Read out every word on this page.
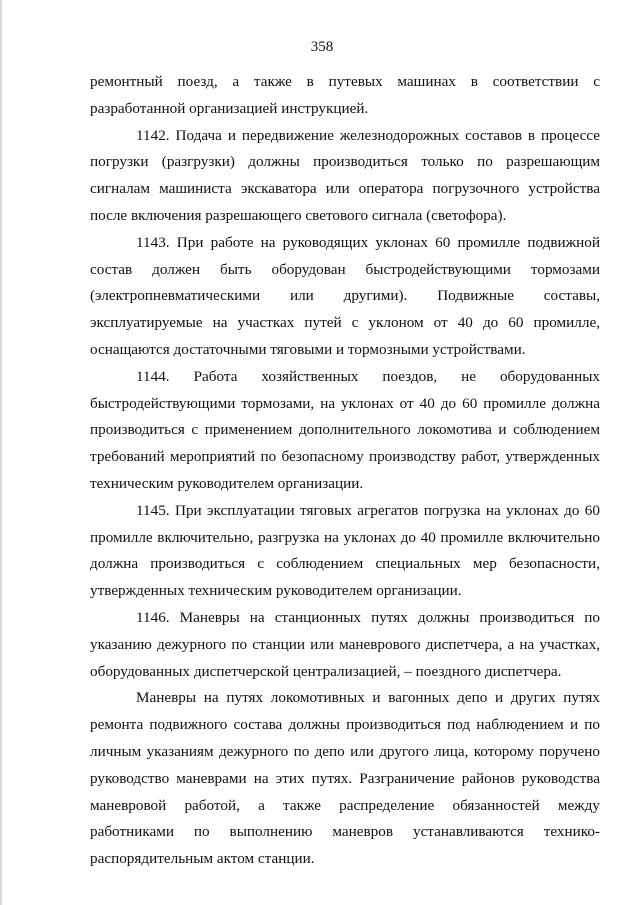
358

ремонтный поезд, а также в путевых машинах в соответствии с разработанной организацией инструкцией.

1142. Подача и передвижение железнодорожных составов в процессе погрузки (разгрузки) должны производиться только по разрешающим сигналам машиниста экскаватора или оператора погрузочного устройства после включения разрешающего светового сигнала (светофора).

1143. При работе на руководящих уклонах 60 промилле подвижной состав должен быть оборудован быстродействующими тормозами (электропневматическими или другими). Подвижные составы, эксплуатируемые на участках путей с уклоном от 40 до 60 промилле, оснащаются достаточными тяговыми и тормозными устройствами.

1144. Работа хозяйственных поездов, не оборудованных быстродействующими тормозами, на уклонах от 40 до 60 промилле должна производиться с применением дополнительного локомотива и соблюдением требований мероприятий по безопасному производству работ, утвержденных техническим руководителем организации.

1145. При эксплуатации тяговых агрегатов погрузка на уклонах до 60 промилле включительно, разгрузка на уклонах до 40 промилле включительно должна производиться с соблюдением специальных мер безопасности, утвержденных техническим руководителем организации.

1146. Маневры на станционных путях должны производиться по указанию дежурного по станции или маневрового диспетчера, а на участках, оборудованных диспетчерской централизацией, – поездного диспетчера.

Маневры на путях локомотивных и вагонных депо и других путях ремонта подвижного состава должны производиться под наблюдением и по личным указаниям дежурного по депо или другого лица, которому поручено руководство маневрами на этих путях. Разграничение районов руководства маневровой работой, а также распределение обязанностей между работниками по выполнению маневров устанавливаются технико-распорядительным актом станции.
